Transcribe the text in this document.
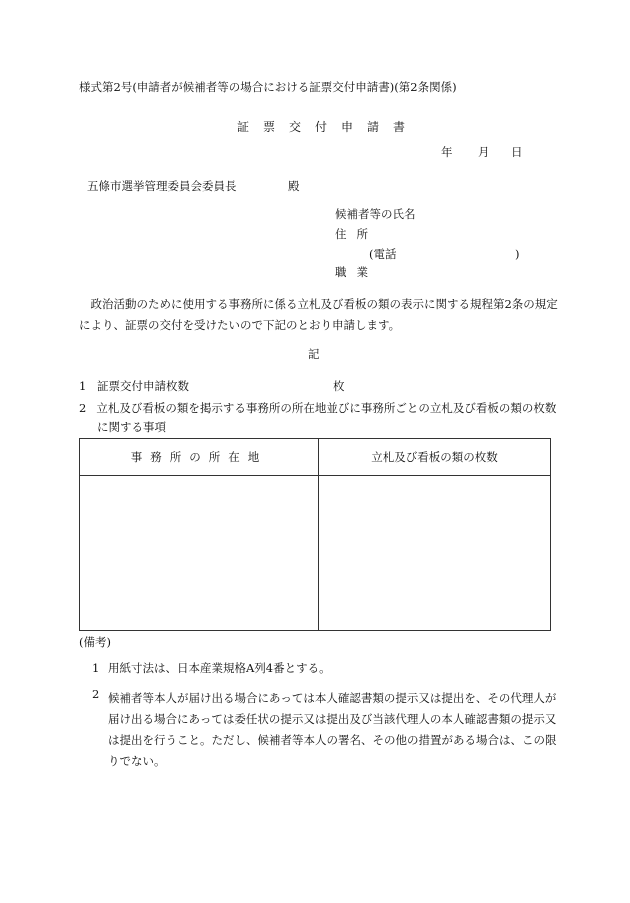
様式第2号(申請者が候補者等の場合における証票交付申請書)(第2条関係)
証票交付申請書
年 月 日
五條市選挙管理委員会委員長	殿
候補者等の氏名
住所
(電話	)
職業
政治活動のために使用する事務所に係る立札及び看板の類の表示に関する規程第2条の規定により、証票の交付を受けたいので下記のとおり申請します。
記
1 証票交付申請枚数	枚
2 立札及び看板の類を掲示する事務所の所在地並びに事務所ごとの立札及び看板の類の枚数に関する事項
事務所の所在地	立札及び看板の類の枚数

(備考)
1 用紙寸法は、日本産業規格A列4番とする。
2 候補者等本人が届け出る場合にあっては本人確認書類の提示又は提出を、その代理人が届け出る場合にあっては委任状の提示又は提出及び当該代理人の本人確認書類の提示又は提出を行うこと。ただし、候補者等本人の署名、その他の措置がある場合は、この限りでない。
